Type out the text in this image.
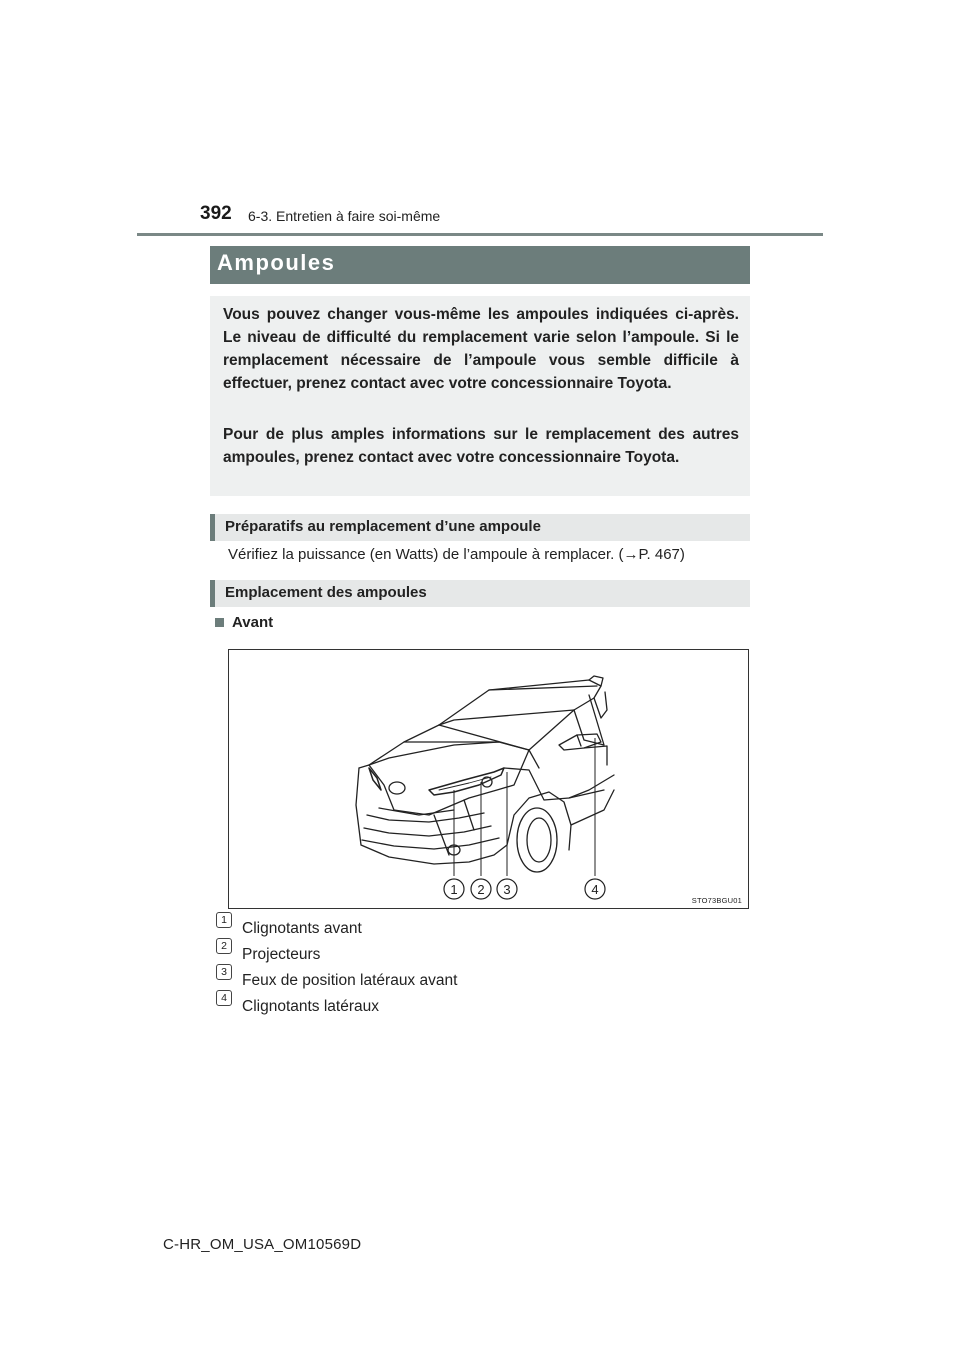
392 6-3. Entretien à faire soi-même
Ampoules

Vous pouvez changer vous-même les ampoules indiquées ci-après. Le niveau de difficulté du remplacement varie selon l’ampoule. Si le remplacement nécessaire de l’ampoule vous semble difficile à effectuer, prenez contact avec votre concessionnaire Toyota.

Pour de plus amples informations sur le remplacement des autres ampoules, prenez contact avec votre concessionnaire Toyota.

Préparatifs au remplacement d’une ampoule
Vérifiez la puissance (en Watts) de l’ampoule à remplacer. (→P. 467)
Emplacement des ampoules
Avant
1 2 3	4
STO73BGU01
1 Clignotants avant
2 Projecteurs
3 Feux de position latéraux avant
4 Clignotants latéraux
C-HR_OM_USA_OM10569D
